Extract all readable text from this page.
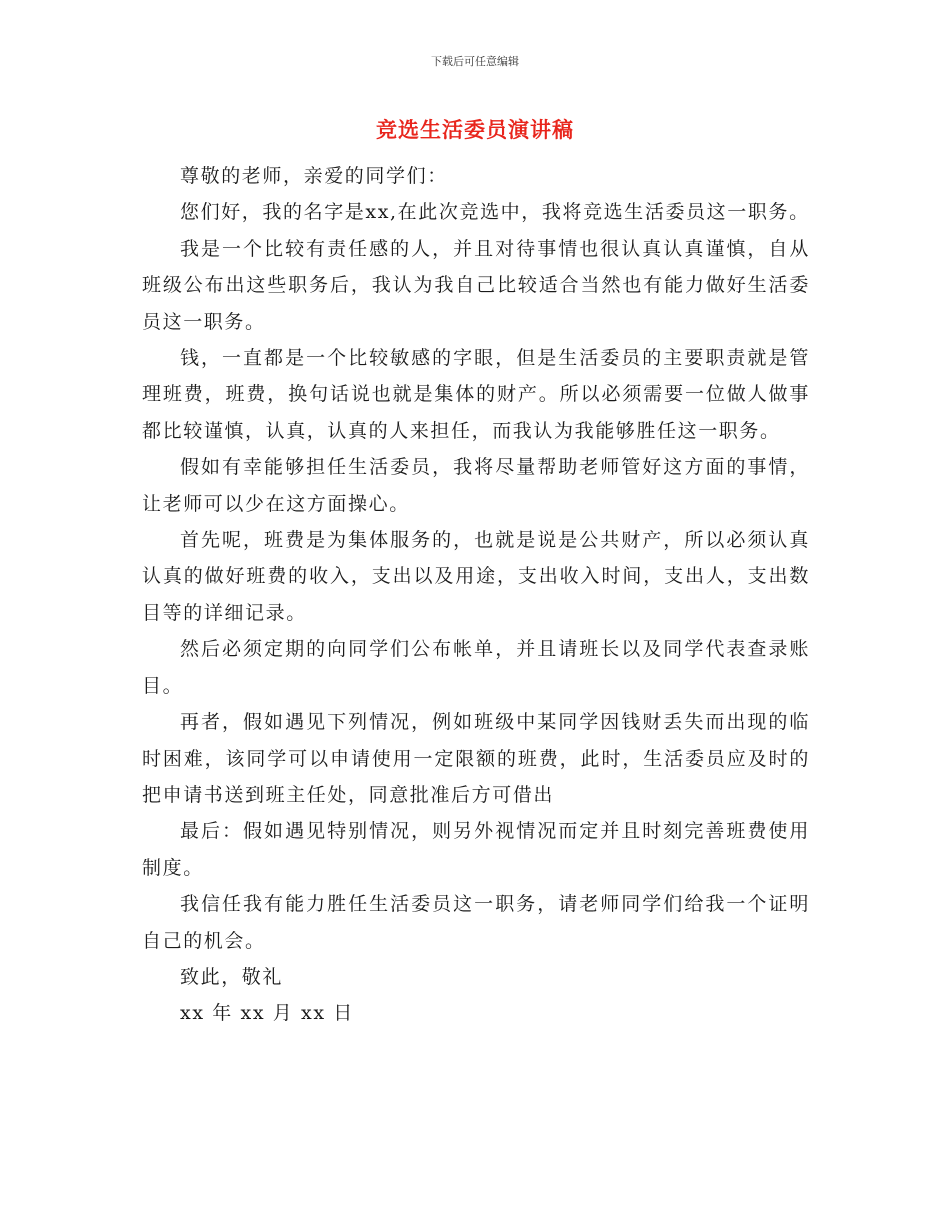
下载后可任意编辑
竞选生活委员演讲稿

尊敬的老师，亲爱的同学们：

您们好，我的名字是xx,在此次竞选中，我将竞选生活委员这一职务。

我是一个比较有责任感的人，并且对待事情也很认真认真谨慎，自从班级公布出这些职务后，我认为我自己比较适合当然也有能力做好生活委员这一职务。

钱，一直都是一个比较敏感的字眼，但是生活委员的主要职责就是管理班费，班费，换句话说也就是集体的财产。所以必须需要一位做人做事都比较谨慎，认真，认真的人来担任，而我认为我能够胜任这一职务。

假如有幸能够担任生活委员，我将尽量帮助老师管好这方面的事情，让老师可以少在这方面操心。

首先呢，班费是为集体服务的，也就是说是公共财产，所以必须认真认真的做好班费的收入，支出以及用途，支出收入时间，支出人，支出数目等的详细记录。

然后必须定期的向同学们公布帐单，并且请班长以及同学代表查录账目。

再者，假如遇见下列情况，例如班级中某同学因钱财丢失而出现的临时困难，该同学可以申请使用一定限额的班费，此时，生活委员应及时的把申请书送到班主任处，同意批准后方可借出

最后：假如遇见特别情况，则另外视情况而定并且时刻完善班费使用制度。

我信任我有能力胜任生活委员这一职务，请老师同学们给我一个证明自己的机会。

致此，敬礼

xx 年 xx 月 xx 日
